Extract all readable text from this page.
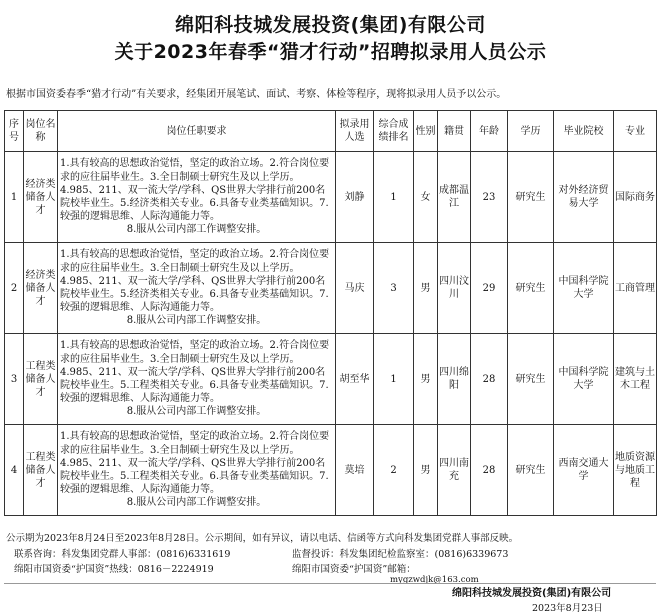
绵阳科技城发展投资(集团)有限公司
关于2023年春季“猎才行动”招聘拟录用人员公示
根据市国资委春季“猎才行动”有关要求，经集团开展笔试、面试、考察、体检等程序，现将拟录用人员予以公示。
序号	岗位名称	岗位任职要求	拟录用人选	综合成绩排名	性别	籍贯	年龄	学历	毕业院校	专业
1	经济类储备人才	1.具有较高的思想政治觉悟，坚定的政治立场。2.符合岗位要求的应往届毕业生。3.全日制硕士研究生及以上学历。4.985、211、双一流大学/学科、QS世界大学排行前200名院校毕业生。5.经济类相关专业。6.具备专业类基础知识。7.较强的逻辑思维、人际沟通能力等。
8.服从公司内部工作调整安排。	刘静	1	女	成都温江	23	研究生	对外经济贸易大学	国际商务
2	经济类储备人才	1.具有较高的思想政治觉悟，坚定的政治立场。2.符合岗位要求的应往届毕业生。3.全日制硕士研究生及以上学历。4.985、211、双一流大学/学科、QS世界大学排行前200名院校毕业生。5.经济类相关专业。6.具备专业类基础知识。7.较强的逻辑思维、人际沟通能力等。
8.服从公司内部工作调整安排。	马庆	3	男	四川汶川	29	研究生	中国科学院大学	工商管理
3	工程类储备人才	1.具有较高的思想政治觉悟，坚定的政治立场。2.符合岗位要求的应往届毕业生。3.全日制硕士研究生及以上学历。4.985、211、双一流大学/学科、QS世界大学排行前200名院校毕业生。5.工程类相关专业。6.具备专业类基础知识。7.较强的逻辑思维、人际沟通能力等。
8.服从公司内部工作调整安排。	胡至华	1	男	四川绵阳	28	研究生	中国科学院大学	建筑与土木工程
4	工程类储备人才	1.具有较高的思想政治觉悟，坚定的政治立场。2.符合岗位要求的应往届毕业生。3.全日制硕士研究生及以上学历。4.985、211、双一流大学/学科、QS世界大学排行前200名院校毕业生。5.工程类相关专业。6.具备专业类基础知识。7.较强的逻辑思维、人际沟通能力等。
8.服从公司内部工作调整安排。	莫培	2	男	四川南充	28	研究生	西南交通大学	地质资源与地质工程
公示期为2023年8月24日至2023年8月28日。公示期间，如有异议，请以电话、信函等方式向科发集团党群人事部反映。
联系咨询：科发集团党群人事部：(0816)6331619	监督投诉：科发集团纪检监察室：(0816)6339673
绵阳市国资委“护国资”热线：0816－2224919	绵阳市国资委“护国资”邮箱：
mygzwdjk@163.com
绵阳科技城发展投资(集团)有限公司
2023年8月23日
